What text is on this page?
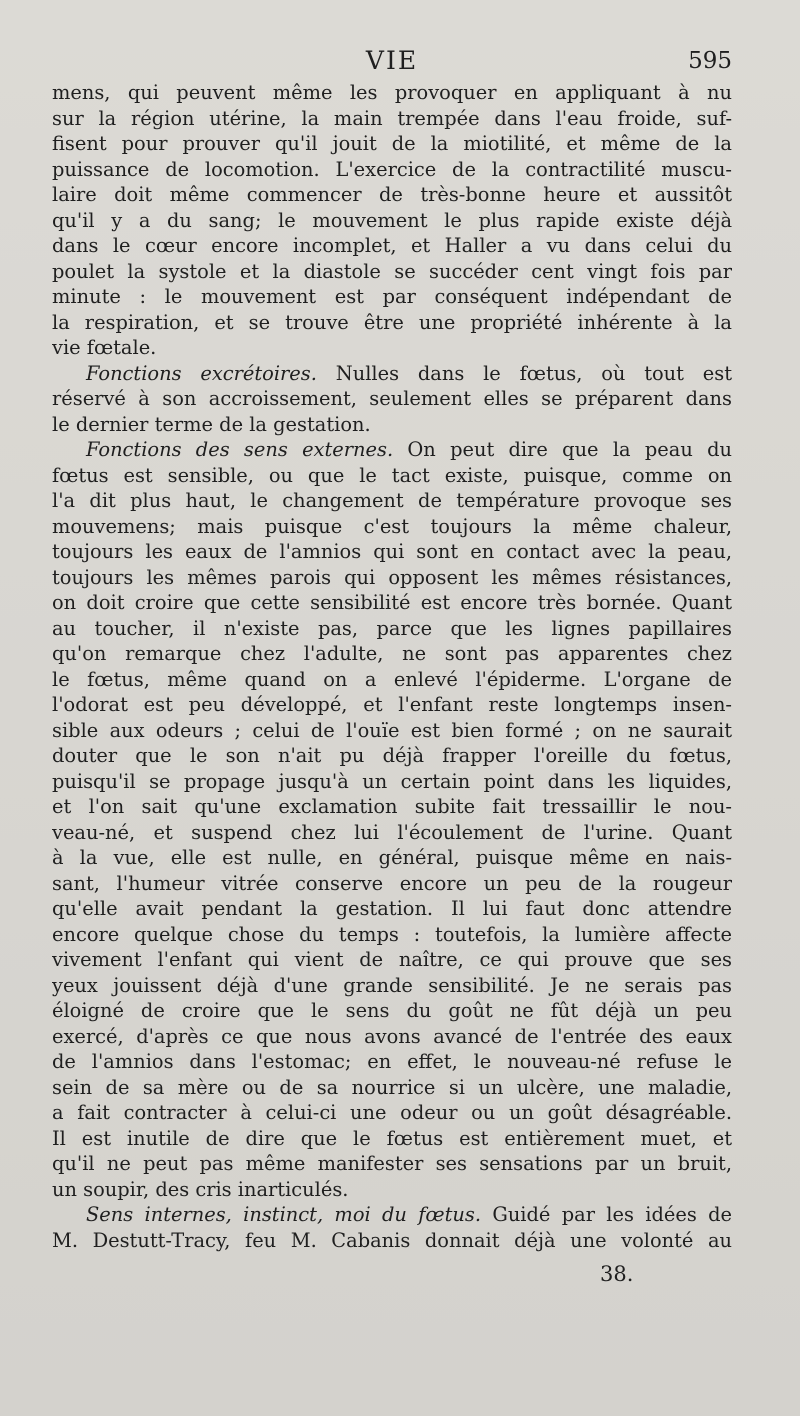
VIE	595
mens, qui peuvent même les provoquer en appliquant à nu
sur la région utérine, la main trempée dans l'eau froide, suf-
fisent pour prouver qu'il jouit de la miotilité, et même de la
puissance de locomotion. L'exercice de la contractilité muscu-
laire doit même commencer de très-bonne heure et aussitôt
qu'il y a du sang; le mouvement le plus rapide existe déjà
dans le cœur encore incomplet, et Haller a vu dans celui du
poulet la systole et la diastole se succéder cent vingt fois par
minute : le mouvement est par conséquent indépendant de
la respiration, et se trouve être une propriété inhérente à la
vie fœtale.
Fonctions excrétoires. Nulles dans le fœtus, où tout est
réservé à son accroissement, seulement elles se préparent dans
le dernier terme de la gestation.
Fonctions des sens externes. On peut dire que la peau du
fœtus est sensible, ou que le tact existe, puisque, comme on
l'a dit plus haut, le changement de température provoque ses
mouvemens; mais puisque c'est toujours la même chaleur,
toujours les eaux de l'amnios qui sont en contact avec la peau,
toujours les mêmes parois qui opposent les mêmes résistances,
on doit croire que cette sensibilité est encore très bornée. Quant
au toucher, il n'existe pas, parce que les lignes papillaires
qu'on remarque chez l'adulte, ne sont pas apparentes chez
le fœtus, même quand on a enlevé l'épiderme. L'organe de
l'odorat est peu développé, et l'enfant reste longtemps insen-
sible aux odeurs ; celui de l'ouïe est bien formé ; on ne saurait
douter que le son n'ait pu déjà frapper l'oreille du fœtus,
puisqu'il se propage jusqu'à un certain point dans les liquides,
et l'on sait qu'une exclamation subite fait tressaillir le nou-
veau-né, et suspend chez lui l'écoulement de l'urine. Quant
à la vue, elle est nulle, en général, puisque même en nais-
sant, l'humeur vitrée conserve encore un peu de la rougeur
qu'elle avait pendant la gestation. Il lui faut donc attendre
encore quelque chose du temps : toutefois, la lumière affecte
vivement l'enfant qui vient de naître, ce qui prouve que ses
yeux jouissent déjà d'une grande sensibilité. Je ne serais pas
éloigné de croire que le sens du goût ne fût déjà un peu
exercé, d'après ce que nous avons avancé de l'entrée des eaux
de l'amnios dans l'estomac; en effet, le nouveau-né refuse le
sein de sa mère ou de sa nourrice si un ulcère, une maladie,
a fait contracter à celui-ci une odeur ou un goût désagréable.
Il est inutile de dire que le fœtus est entièrement muet, et
qu'il ne peut pas même manifester ses sensations par un bruit,
un soupir, des cris inarticulés.
Sens internes, instinct, moi du fœtus. Guidé par les idées de
M. Destutt-Tracy, feu M. Cabanis donnait déjà une volonté au
38.
